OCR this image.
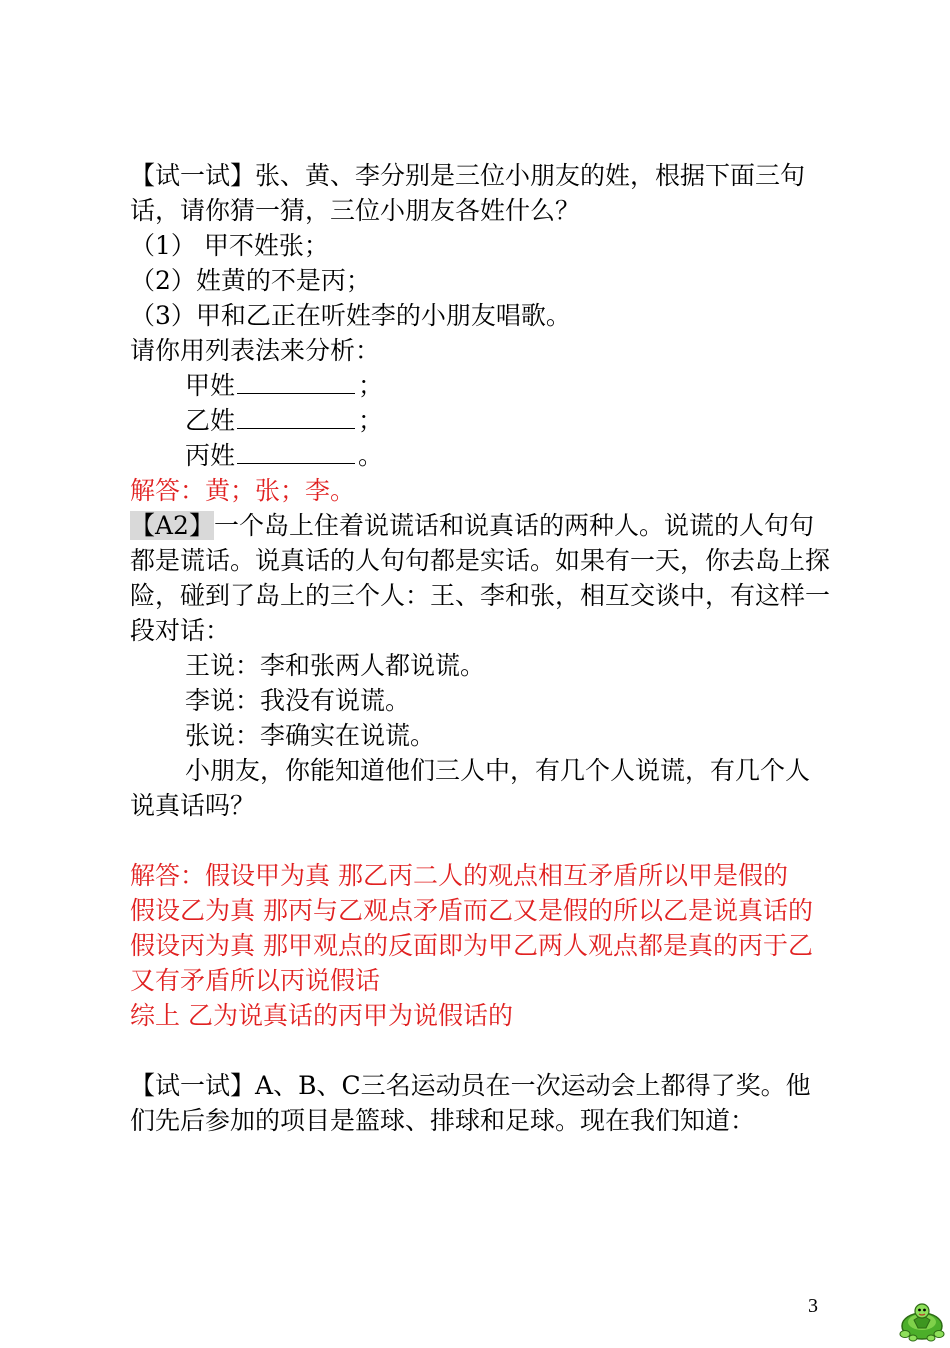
【试一试】张、黄、李分别是三位小朋友的姓，根据下面三句话，请你猜一猜，三位小朋友各姓什么？

（1） 甲不姓张；

（2）姓黄的不是丙；

（3）甲和乙正在听姓李的小朋友唱歌。

请你用列表法来分析：

甲姓	；

乙姓	；

丙姓	。

解答：黄；张；李。

【A2】一个岛上住着说谎话和说真话的两种人。说谎的人句句都是谎话。说真话的人句句都是实话。如果有一天，你去岛上探险，碰到了岛上的三个人：王、李和张，相互交谈中，有这样一段对话：

王说：李和张两人都说谎。

李说：我没有说谎。

张说：李确实在说谎。

小朋友，你能知道他们三人中，有几个人说谎，有几个人说真话吗？

解答：假设甲为真 那乙丙二人的观点相互矛盾所以甲是假的

假设乙为真 那丙与乙观点矛盾而乙又是假的所以乙是说真话的

假设丙为真 那甲观点的反面即为甲乙两人观点都是真的丙于乙又有矛盾所以丙说假话

综上 乙为说真话的丙甲为说假话的

【试一试】A、B、C三名运动员在一次运动会上都得了奖。他们先后参加的项目是篮球、排球和足球。现在我们知道：

3
